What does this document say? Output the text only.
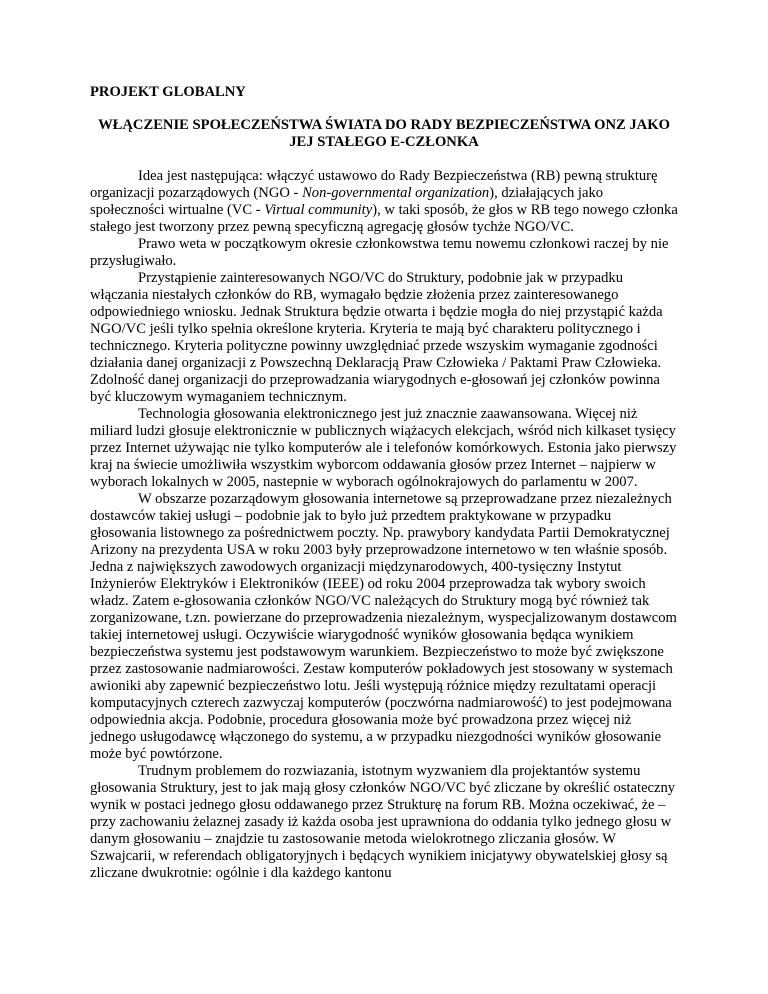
PROJEKT GLOBALNY

WŁĄCZENIE SPOŁECZEŃSTWA ŚWIATA DO RADY BEZPIECZEŃSTWA ONZ JAKO JEJ STAŁEGO E-CZŁONKA

Idea jest następująca: włączyć ustawowo do Rady Bezpieczeństwa (RB) pewną strukturę organizacji pozarządowych (NGO - Non-governmental organization), działających jako społeczności wirtualne (VC - Virtual community), w taki sposób, że głos w RB tego nowego członka stałego jest tworzony przez pewną specyficzną agregację głosów tychże NGO/VC.

Prawo weta w początkowym okresie członkowstwa temu nowemu członkowi raczej by nie przysługiwało.

Przystąpienie zainteresowanych NGO/VC do Struktury, podobnie jak w przypadku włączania niestałych członków do RB, wymagało będzie złożenia przez zainteresowanego odpowiedniego wniosku. Jednak Struktura będzie otwarta i będzie mogła do niej przystąpić każda NGO/VC jeśli tylko spełnia określone kryteria. Kryteria te mają być charakteru politycznego i technicznego. Kryteria polityczne powinny uwzględniać przede wszyskim wymaganie zgodności działania danej organizacji z Powszechną Deklaracją Praw Człowieka / Paktami Praw Człowieka. Zdolność danej organizacji do przeprowadzania wiarygodnych e-głosowań jej członków powinna być kluczowym wymaganiem technicznym.

Technologia głosowania elektronicznego jest już znacznie zaawansowana. Więcej niż miliard ludzi głosuje elektronicznie w publicznych wiążacych elekcjach, wśród nich kilkaset tysięcy przez Internet używając nie tylko komputerów ale i telefonów komórkowych. Estonia jako pierwszy kraj na świecie umożliwiła wszystkim wyborcom oddawania głosów przez Internet – najpierw w wyborach lokalnych w 2005, nastepnie w wyborach ogólnokrajowych do parlamentu w 2007.

W obszarze pozarządowym głosowania internetowe są przeprowadzane przez niezależnych dostawców takiej usługi – podobnie jak to było już przedtem praktykowane w przypadku głosowania listownego za pośrednictwem poczty. Np. prawybory kandydata Partii Demokratycznej Arizony na prezydenta USA w roku 2003 były przeprowadzone internetowo w ten właśnie sposób. Jedna z największych zawodowych organizacji międzynarodowych, 400-tysięczny Instytut Inżynierów Elektryków i Elektroników (IEEE) od roku 2004 przeprowadza tak wybory swoich władz. Zatem e-głosowania członków NGO/VC należących do Struktury mogą być również tak zorganizowane, t.zn. powierzane do przeprowadzenia niezależnym, wyspecjalizowanym dostawcom takiej internetowej usługi. Oczywiście wiarygodność wyników głosowania będąca wynikiem bezpieczeństwa systemu jest podstawowym warunkiem. Bezpieczeństwo to może być zwiększone przez zastosowanie nadmiarowości. Zestaw komputerów pokładowych jest stosowany w systemach awioniki aby zapewnić bezpieczeństwo lotu. Jeśli występują różnice między rezultatami operacji komputacyjnych czterech zazwyczaj komputerów (poczwórna nadmiarowość) to jest podejmowana odpowiednia akcja. Podobnie, procedura głosowania może być prowadzona przez więcej niż jednego usługodawcę włączonego do systemu, a w przypadku niezgodności wyników głosowanie może być powtórzone.

Trudnym problemem do rozwiazania, istotnym wyzwaniem dla projektantów systemu głosowania Struktury, jest to jak mają głosy członków NGO/VC być zliczane by określić ostateczny wynik w postaci jednego głosu oddawanego przez Strukturę na forum RB. Można oczekiwać, że – przy zachowaniu żelaznej zasady iż każda osoba jest uprawniona do oddania tylko jednego głosu w danym głosowaniu – znajdzie tu zastosowanie metoda wielokrotnego zliczania głosów. W Szwajcarii, w referendach obligatoryjnych i będących wynikiem inicjatywy obywatelskiej głosy są zliczane dwukrotnie: ogólnie i dla każdego kantonu
